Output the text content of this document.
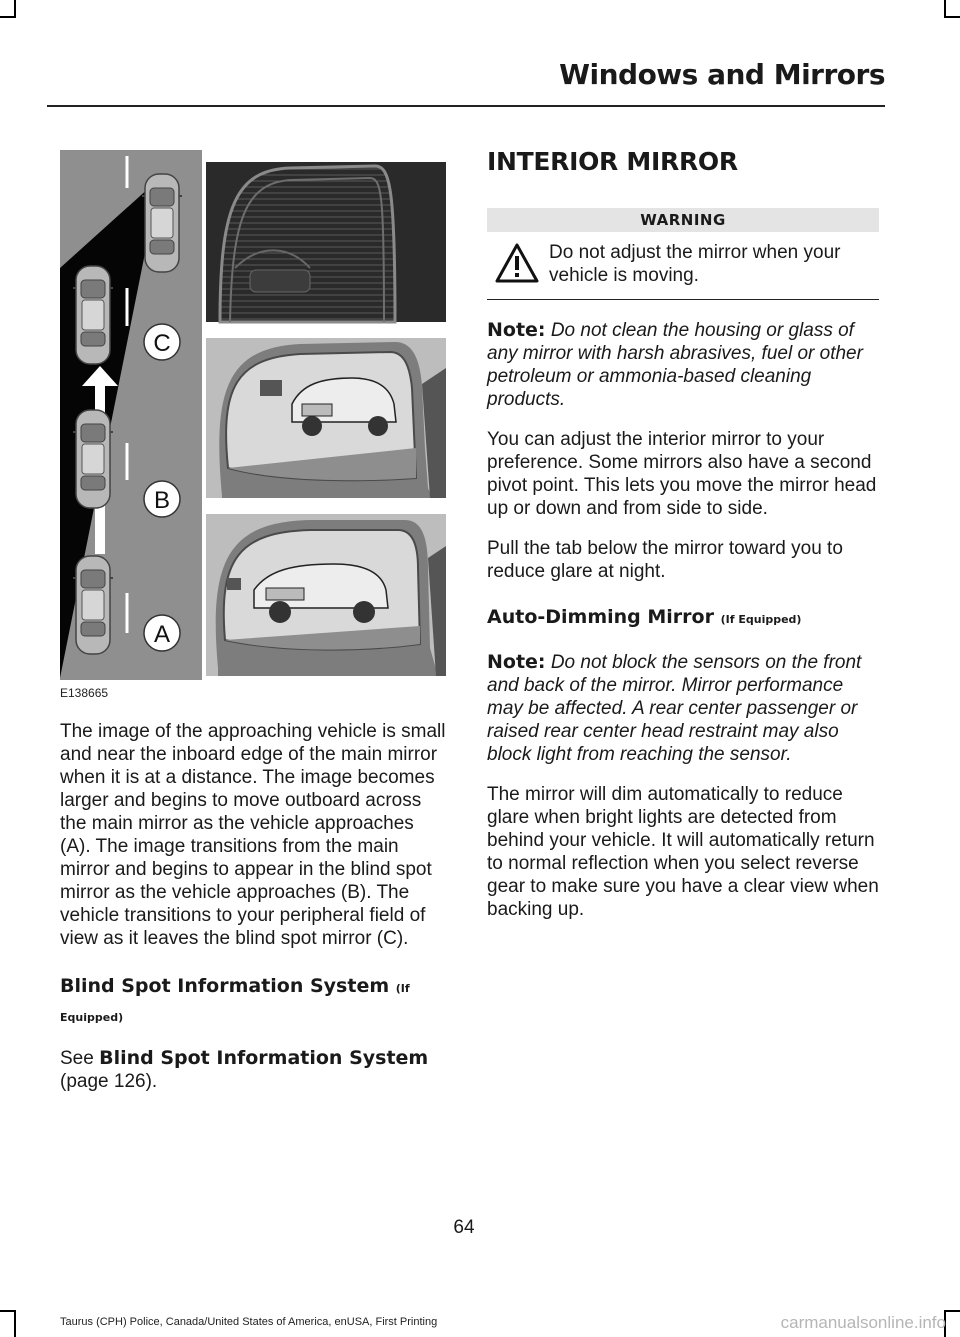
Windows and Mirrors
C
B
A
E138665

The image of the approaching vehicle is small and near the inboard edge of the main mirror when it is at a distance. The image becomes larger and begins to move outboard across the main mirror as the vehicle approaches (A). The image transitions from the main mirror and begins to appear in the blind spot mirror as the vehicle approaches (B). The vehicle transitions to your peripheral field of view as it leaves the blind spot mirror (C).

Blind Spot Information System (If Equipped)

See Blind Spot Information System
(page 126).

INTERIOR MIRROR
WARNING

Do not adjust the mirror when your vehicle is moving.

Note: Do not clean the housing or glass of any mirror with harsh abrasives, fuel or other petroleum or ammonia-based cleaning products.

You can adjust the interior mirror to your preference. Some mirrors also have a second pivot point. This lets you move the mirror head up or down and from side to side.

Pull the tab below the mirror toward you to reduce glare at night.

Auto-Dimming Mirror (If Equipped)

Note: Do not block the sensors on the front and back of the mirror. Mirror performance may be affected. A rear center passenger or raised rear center head restraint may also block light from reaching the sensor.

The mirror will dim automatically to reduce glare when bright lights are detected from behind your vehicle. It will automatically return to normal reflection when you select reverse gear to make sure you have a clear view when backing up.

64
Taurus (CPH) Police, Canada/United States of America, enUSA, First Printing	carmanualsonline.info
